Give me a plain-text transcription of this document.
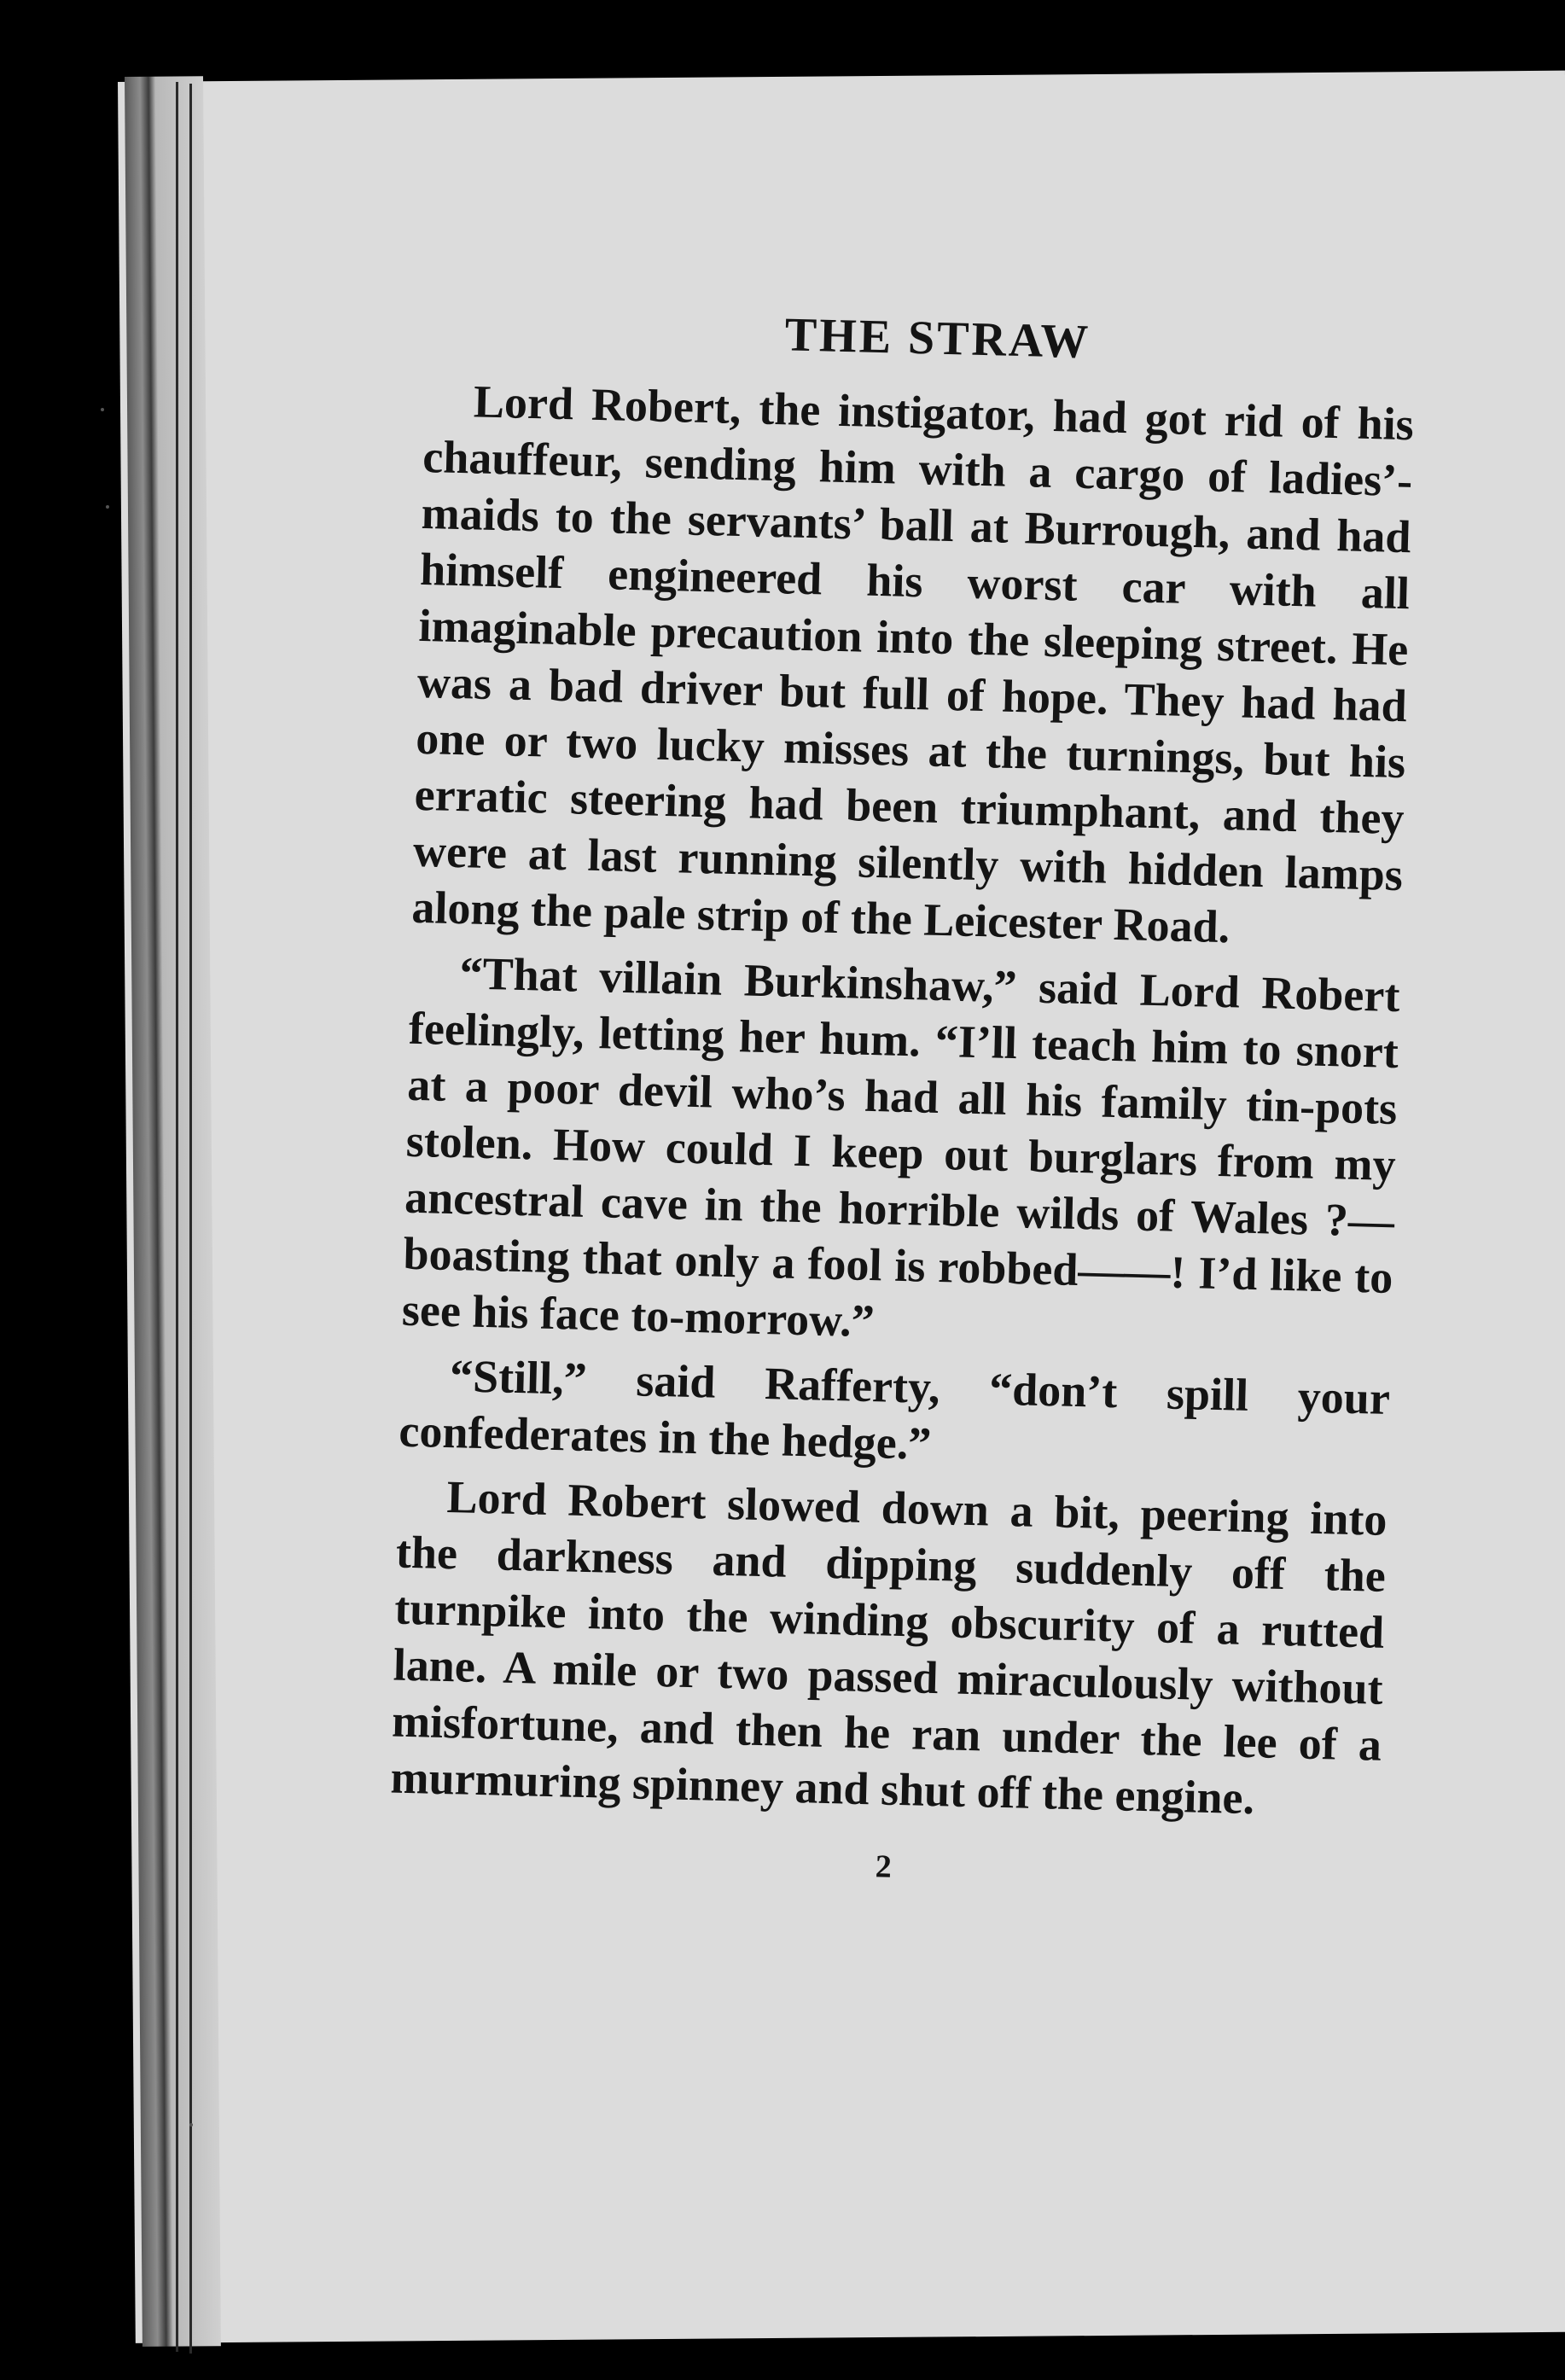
THE STRAW

Lord Robert, the instigator, had got rid of his chauffeur, sending him with a cargo of ladies’-maids to the servants’ ball at Burrough, and had himself engineered his worst car with all imaginable precaution into the sleeping street. He was a bad driver but full of hope. They had had one or two lucky misses at the turnings, but his erratic steering had been triumphant, and they were at last running silently with hidden lamps along the pale strip of the Leicester Road.

“That villain Burkinshaw,” said Lord Robert feelingly, letting her hum. “I’ll teach him to snort at a poor devil who’s had all his family tin-pots stolen. How could I keep out burglars from my ancestral cave in the horrible wilds of Wales ?—boasting that only a fool is robbed——! I’d like to see his face to-morrow.”

“Still,” said Rafferty, “don’t spill your confederates in the hedge.”

Lord Robert slowed down a bit, peering into the darkness and dipping suddenly off the turnpike into the winding obscurity of a rutted lane. A mile or two passed miraculously without misfortune, and then he ran under the lee of a murmuring spinney and shut off the engine.

2
